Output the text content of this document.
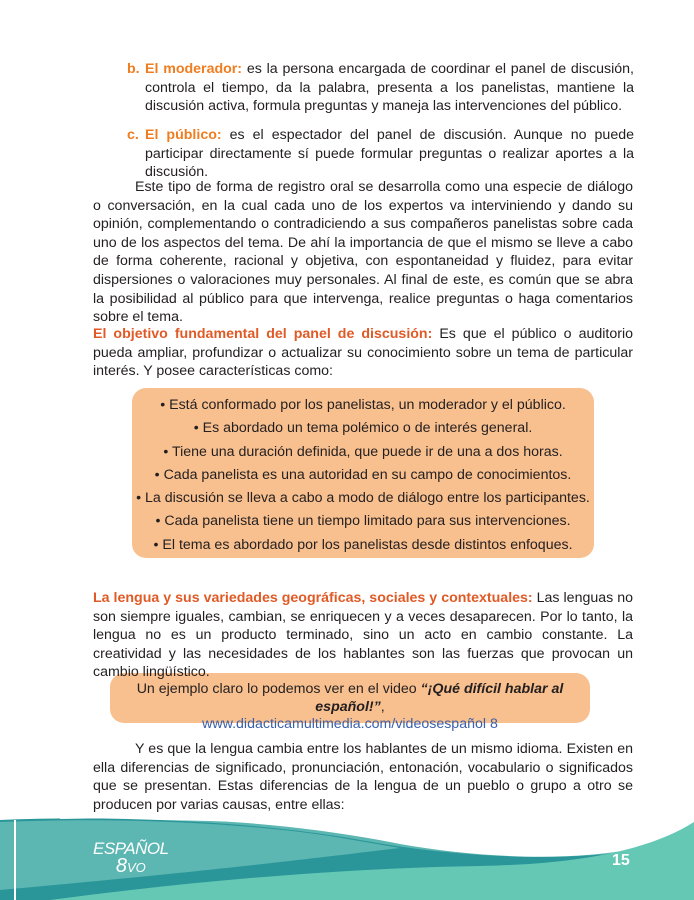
b. El moderador: es la persona encargada de coordinar el panel de discusión, controla el tiempo, da la palabra, presenta a los panelistas, mantiene la discusión activa, formula preguntas y maneja las intervenciones del público.
c. El público: es el espectador del panel de discusión. Aunque no puede participar directamente sí puede formular preguntas o realizar aportes a la discusión.

Este tipo de forma de registro oral se desarrolla como una especie de diálogo o conversación, en la cual cada uno de los expertos va interviniendo y dando su opinión, complementando o contradiciendo a sus compañeros panelistas sobre cada uno de los aspectos del tema. De ahí la importancia de que el mismo se lleve a cabo de forma coherente, racional y objetiva, con espontaneidad y fluidez, para evitar dispersiones o valoraciones muy personales. Al final de este, es común que se abra la posibilidad al público para que intervenga, realice preguntas o haga comentarios sobre el tema.

El objetivo fundamental del panel de discusión: Es que el público o auditorio pueda ampliar, profundizar o actualizar su conocimiento sobre un tema de particular interés. Y posee características como:

• Está conformado por los panelistas, un moderador y el público.
• Es abordado un tema polémico o de interés general.
• Tiene una duración definida, que puede ir de una a dos horas.
• Cada panelista es una autoridad en su campo de conocimientos.
• La discusión se lleva a cabo a modo de diálogo entre los participantes.
• Cada panelista tiene un tiempo limitado para sus intervenciones.
• El tema es abordado por los panelistas desde distintos enfoques.
La lengua y sus variedades geográficas, sociales y contextuales: Las lenguas no son siempre iguales, cambian, se enriquecen y a veces desaparecen. Por lo tanto, la lengua no es un producto terminado, sino un acto en cambio constante. La creatividad y las necesidades de los hablantes son las fuerzas que provocan un cambio lingüístico.
Un ejemplo claro lo podemos ver en el video “¡Qué difícil hablar al español!”,
www.didacticamultimedia.com/videosespañol 8
Y es que la lengua cambia entre los hablantes de un mismo idioma. Existen en ella diferencias de significado, pronunciación, entonación, vocabulario o significados que se presentan. Estas diferencias de la lengua de un pueblo o grupo a otro se producen por varias causas, entre ellas:
ESPAÑOL
8VO	15
